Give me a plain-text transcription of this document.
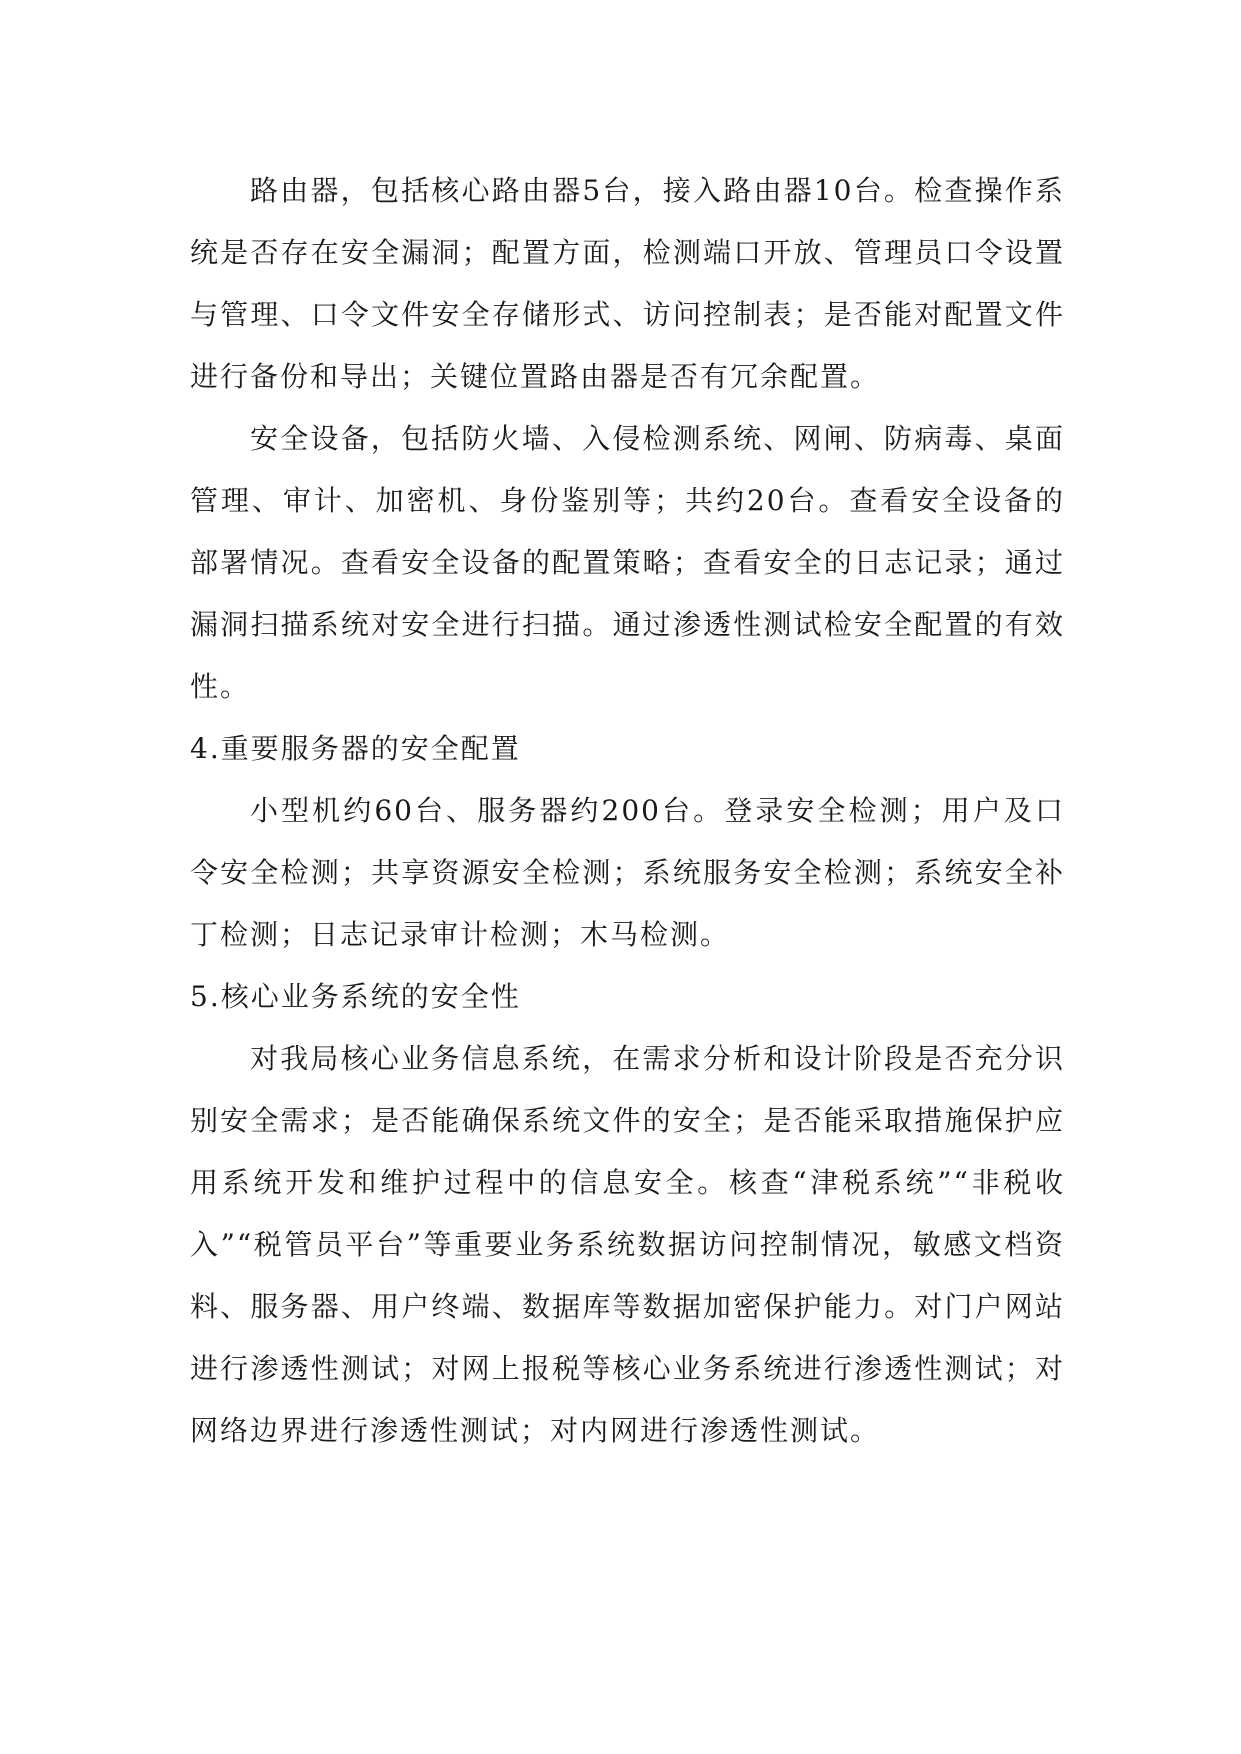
路由器，包括核心路由器5台，接入路由器10台。检查操作系统是否存在安全漏洞；配置方面，检测端口开放、管理员口令设置与管理、口令文件安全存储形式、访问控制表；是否能对配置文件进行备份和导出；关键位置路由器是否有冗余配置。

安全设备，包括防火墙、入侵检测系统、网闸、防病毒、桌面管理、审计、加密机、身份鉴别等；共约20台。查看安全设备的部署情况。查看安全设备的配置策略；查看安全的日志记录；通过漏洞扫描系统对安全进行扫描。通过渗透性测试检安全配置的有效性。

4.重要服务器的安全配置

小型机约60台、服务器约200台。登录安全检测；用户及口令安全检测；共享资源安全检测；系统服务安全检测；系统安全补丁检测；日志记录审计检测；木马检测。

5.核心业务系统的安全性

对我局核心业务信息系统，在需求分析和设计阶段是否充分识别安全需求；是否能确保系统文件的安全；是否能采取措施保护应用系统开发和维护过程中的信息安全。核查“津税系统”“非税收入”“税管员平台”等重要业务系统数据访问控制情况，敏感文档资料、服务器、用户终端、数据库等数据加密保护能力。对门户网站进行渗透性测试；对网上报税等核心业务系统进行渗透性测试；对网络边界进行渗透性测试；对内网进行渗透性测试。
